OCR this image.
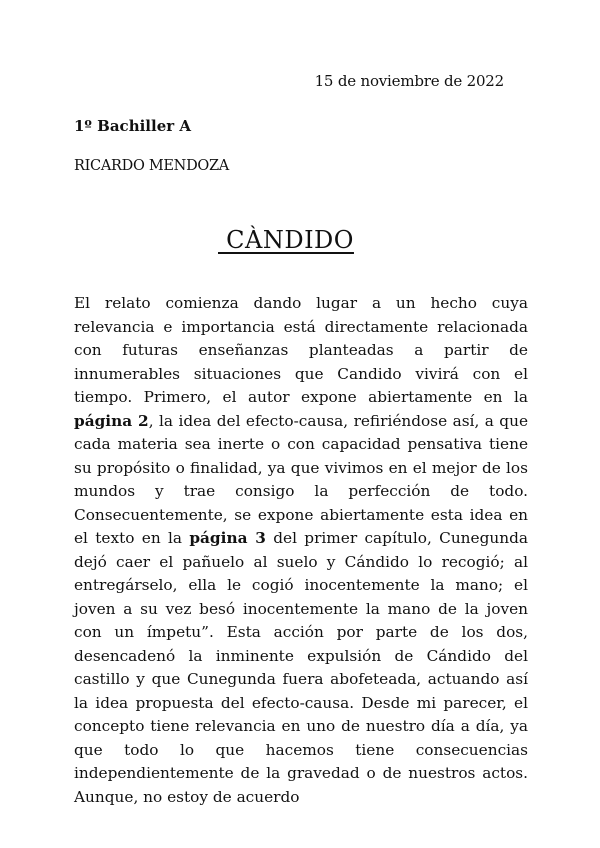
15 de noviembre de 2022
1º Bachiller A
RICARDO MENDOZA
CÀNDIDO

El relato comienza dando lugar a un hecho cuya relevancia e importancia está directamente relacionada con futuras enseñanzas planteadas a partir de innumerables situaciones que Candido vivirá con el tiempo. Primero, el autor expone abiertamente en la página 2, la idea del efecto-causa, refiriéndose así, a que cada materia sea inerte o con capacidad pensativa tiene su propósito o finalidad, ya que vivimos en el mejor de los mundos y trae consigo la perfección de todo. Consecuentemente, se expone abiertamente esta idea en el texto en la página 3 del primer capítulo, Cunegunda dejó caer el pañuelo al suelo y Cándido lo recogió; al entregárselo, ella le cogió inocentemente la mano; el joven a su vez besó inocentemente la mano de la joven con un ímpetu”. Esta acción por parte de los dos, desencadenó la inminente expulsión de Cándido del castillo y que Cunegunda fuera abofeteada, actuando así la idea propuesta del efecto-causa. Desde mi parecer, el concepto tiene relevancia en uno de nuestro día a día, ya que todo lo que hacemos tiene consecuencias independientemente de la gravedad o de nuestros actos. Aunque, no estoy de acuerdo
